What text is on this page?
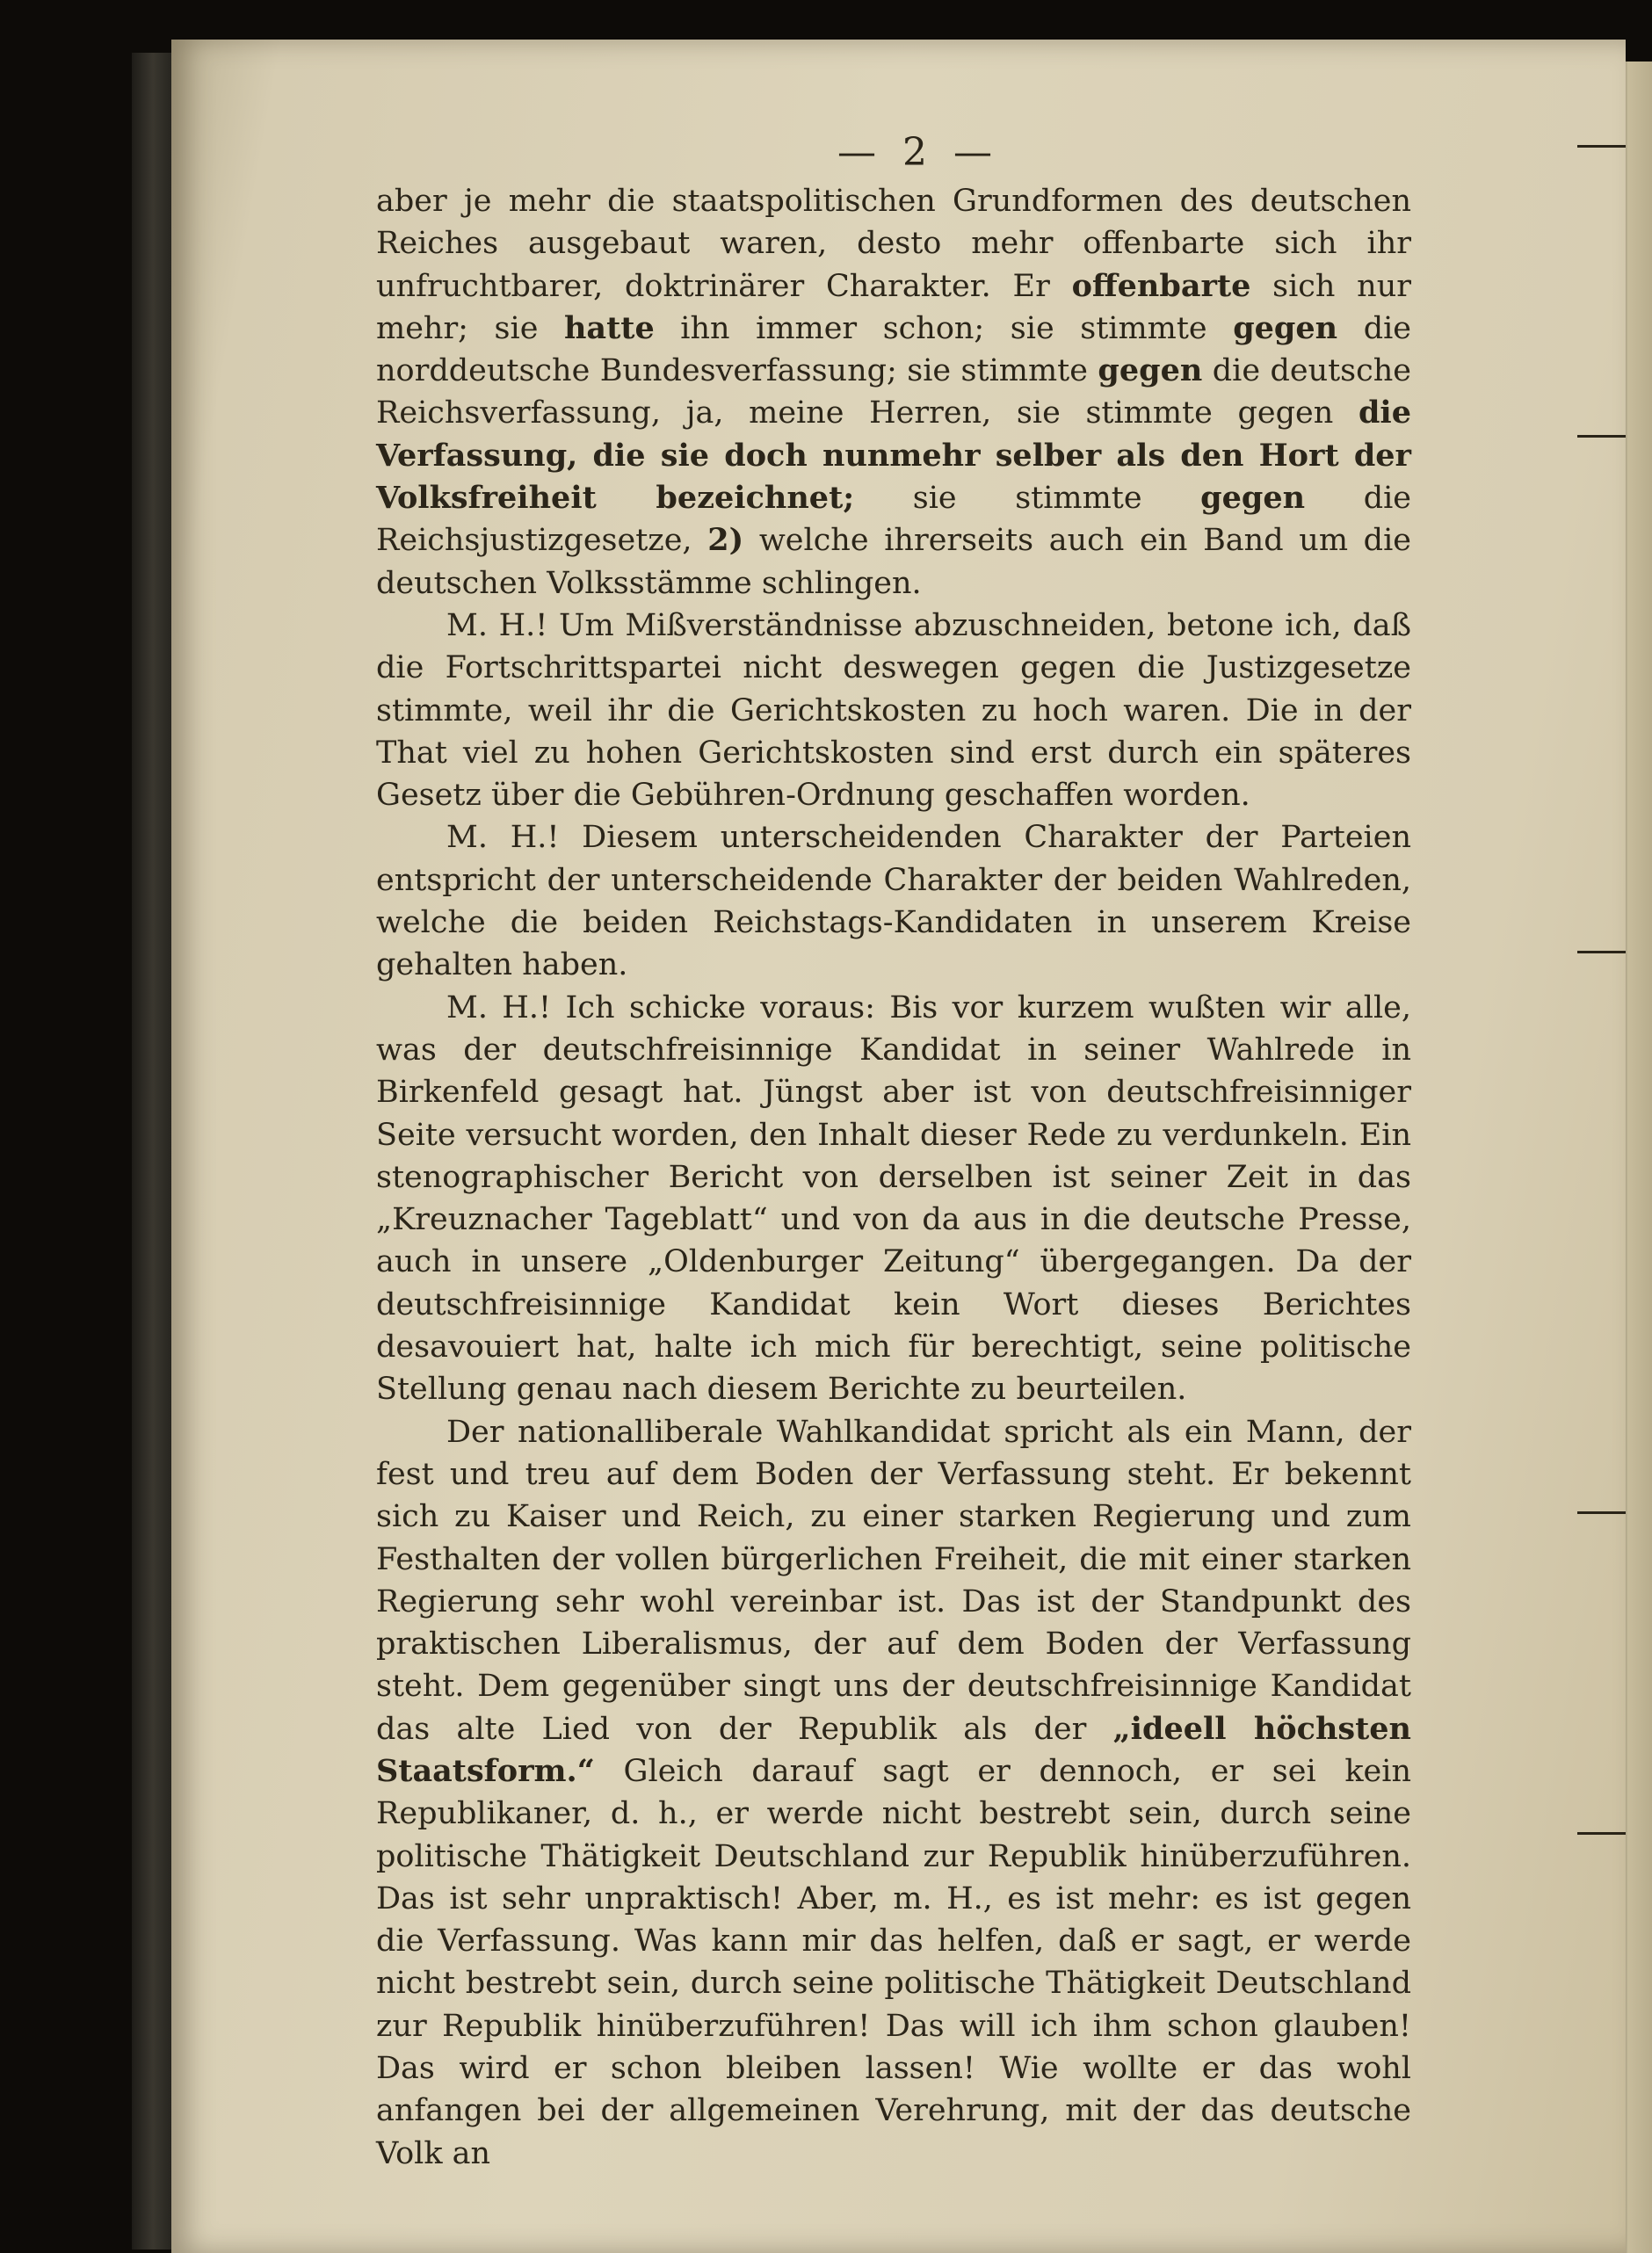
— 2 —

aber je mehr die staatspolitischen Grundformen des deutschen Reiches ausgebaut waren, desto mehr offenbarte sich ihr unfruchtbarer, doktrinärer Charakter. Er offenbarte sich nur mehr; sie hatte ihn immer schon; sie stimmte gegen die norddeutsche Bundesverfassung; sie stimmte gegen die deutsche Reichsverfassung, ja, meine Herren, sie stimmte gegen die Verfassung, die sie doch nunmehr selber als den Hort der Volksfreiheit bezeichnet; sie stimmte gegen die Reichsjustizgesetze, 2) welche ihrerseits auch ein Band um die deutschen Volksstämme schlingen.

M. H.! Um Mißverständnisse abzuschneiden, betone ich, daß die Fortschrittspartei nicht deswegen gegen die Justizgesetze stimmte, weil ihr die Gerichtskosten zu hoch waren. Die in der That viel zu hohen Gerichtskosten sind erst durch ein späteres Gesetz über die Gebühren-Ordnung geschaffen worden.

M. H.! Diesem unterscheidenden Charakter der Parteien entspricht der unterscheidende Charakter der beiden Wahlreden, welche die beiden Reichstags-Kandidaten in unserem Kreise gehalten haben.

M. H.! Ich schicke voraus: Bis vor kurzem wußten wir alle, was der deutschfreisinnige Kandidat in seiner Wahlrede in Birkenfeld gesagt hat. Jüngst aber ist von deutschfreisinniger Seite versucht worden, den Inhalt dieser Rede zu verdunkeln. Ein stenographischer Bericht von derselben ist seiner Zeit in das „Kreuznacher Tageblatt“ und von da aus in die deutsche Presse, auch in unsere „Oldenburger Zeitung“ übergegangen. Da der deutschfreisinnige Kandidat kein Wort dieses Berichtes desavouiert hat, halte ich mich für berechtigt, seine politische Stellung genau nach diesem Berichte zu beurteilen.

Der nationalliberale Wahlkandidat spricht als ein Mann, der fest und treu auf dem Boden der Verfassung steht. Er bekennt sich zu Kaiser und Reich, zu einer starken Regierung und zum Festhalten der vollen bürgerlichen Freiheit, die mit einer starken Regierung sehr wohl vereinbar ist. Das ist der Standpunkt des praktischen Liberalismus, der auf dem Boden der Verfassung steht. Dem gegenüber singt uns der deutschfreisinnige Kandidat das alte Lied von der Republik als der „ideell höchsten Staatsform.“ Gleich darauf sagt er dennoch, er sei kein Republikaner, d. h., er werde nicht bestrebt sein, durch seine politische Thätigkeit Deutschland zur Republik hinüberzuführen. Das ist sehr unpraktisch! Aber, m. H., es ist mehr: es ist gegen die Verfassung. Was kann mir das helfen, daß er sagt, er werde nicht bestrebt sein, durch seine politische Thätigkeit Deutschland zur Republik hinüberzuführen! Das will ich ihm schon glauben! Das wird er schon bleiben lassen! Wie wollte er das wohl anfangen bei der allgemeinen Verehrung, mit der das deutsche Volk an
